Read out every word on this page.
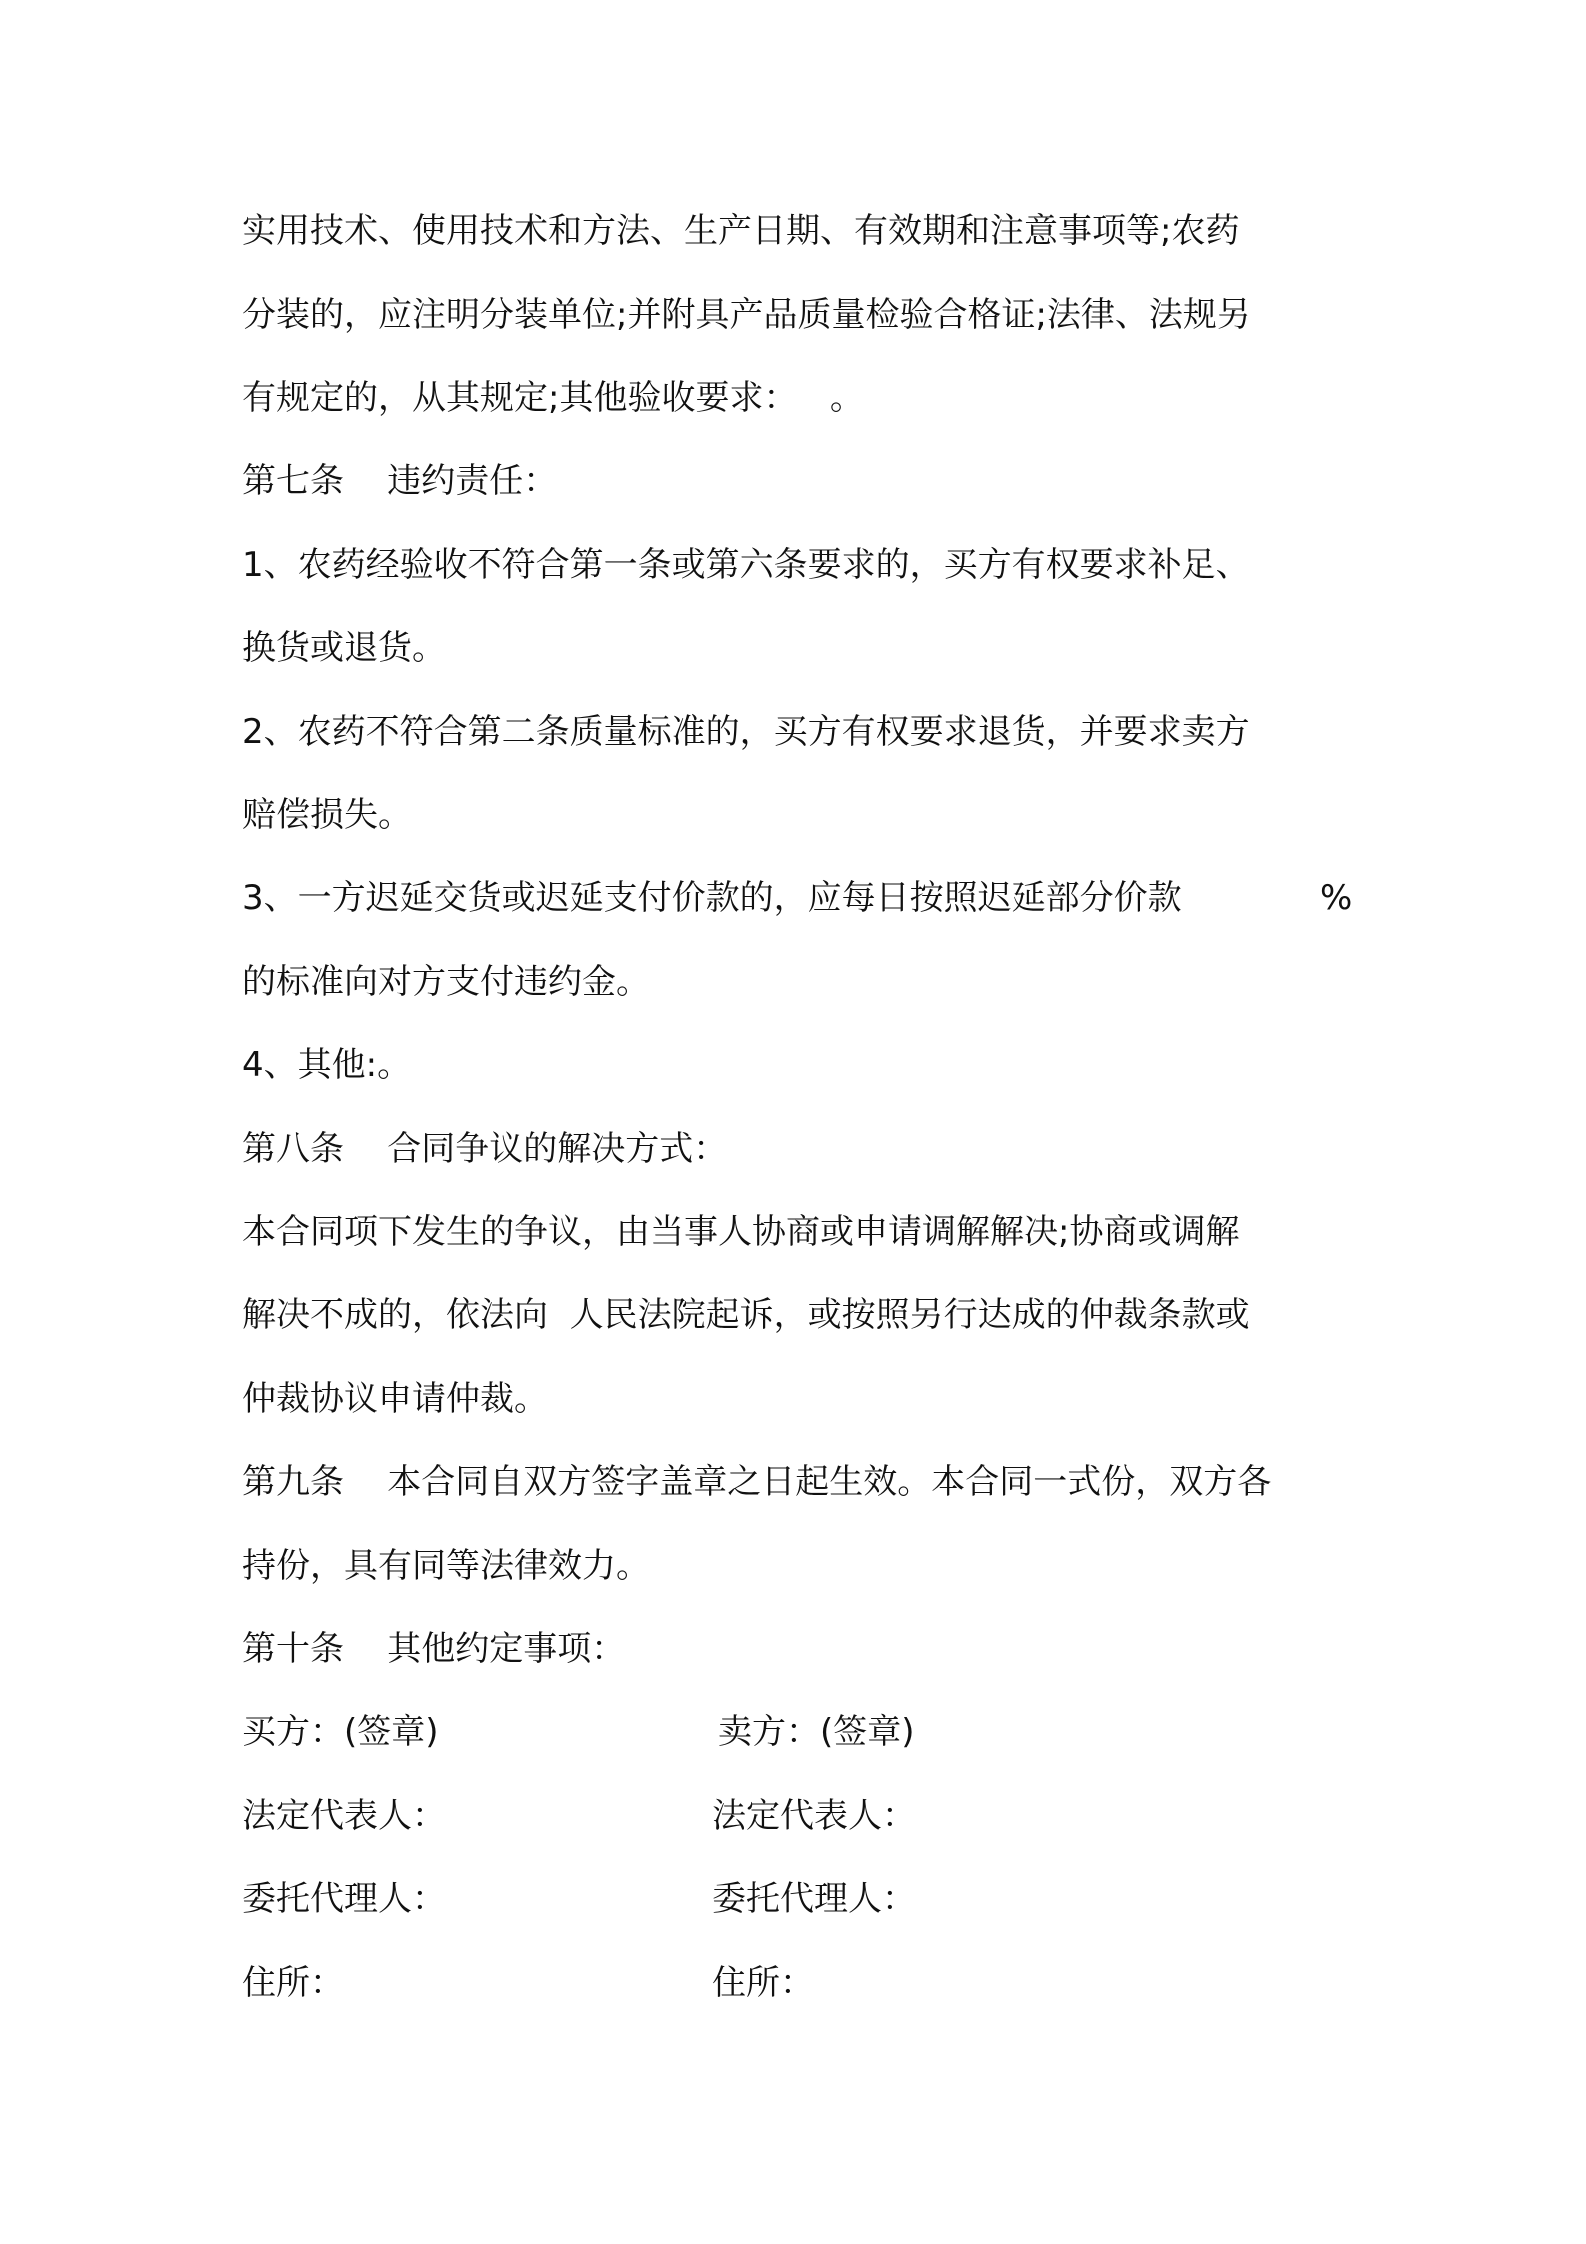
实用技术、使用技术和方法、生产日期、有效期和注意事项等;农药
分装的，应注明分装单位;并附具产品质量检验合格证;法律、法规另
有规定的，从其规定;其他验收要求：   。
第七条    违约责任：
1、农药经验收不符合第一条或第六条要求的，买方有权要求补足、
换货或退货。
2、农药不符合第二条质量标准的，买方有权要求退货，并要求卖方
赔偿损失。
3、一方迟延交货或迟延支付价款的，应每日按照迟延部分价款	%
的标准向对方支付违约金。
4、其他:。
第八条    合同争议的解决方式：
本合同项下发生的争议，由当事人协商或申请调解解决;协商或调解
解决不成的，依法向  人民法院起诉，或按照另行达成的仲裁条款或
仲裁协议申请仲裁。
第九条    本合同自双方签字盖章之日起生效。本合同一式份，双方各
持份，具有同等法律效力。
第十条    其他约定事项：
买方：(签章)	卖方：(签章)
法定代表人：	法定代表人：
委托代理人：	委托代理人：
住所：	住所：
